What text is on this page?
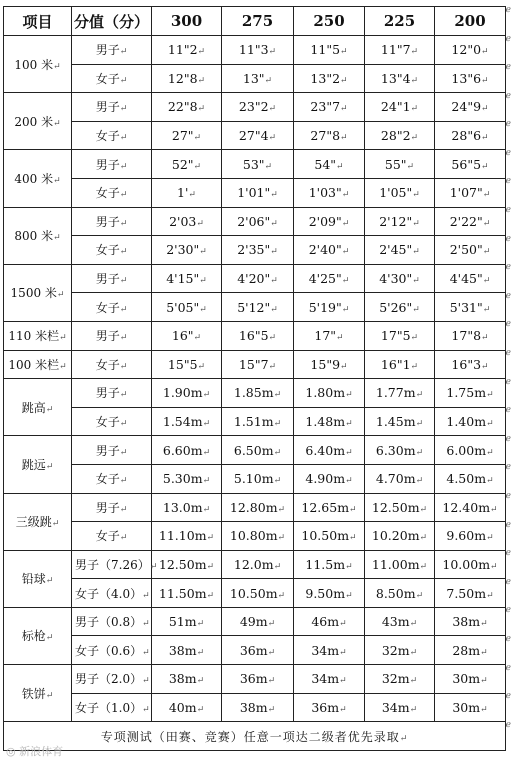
项目	分值（分）	300	275	250	225	200
100 米↵	男子↵	11"2↵	11"3↵	11"5↵	11"7↵	12"0↵
	女子↵	12"8↵	13"↵	13"2↵	13"4↵	13"6↵
200 米↵	男子↵	22"8↵	23"2↵	23"7↵	24"1↵	24"9↵
	女子↵	27"↵	27"4↵	27"8↵	28"2↵	28"6↵
400 米↵	男子↵	52"↵	53"↵	54"↵	55"↵	56"5↵
	女子↵	1'↵	1'01"↵	1'03"↵	1'05"↵	1'07"↵
800 米↵	男子↵	2'03↵	2'06"↵	2'09"↵	2'12"↵	2'22"↵
	女子↵	2'30"↵	2'35"↵	2'40"↵	2'45"↵	2'50"↵
1500 米↵	男子↵	4'15"↵	4'20"↵	4'25"↵	4'30"↵	4'45"↵
	女子↵	5'05"↵	5'12"↵	5'19"↵	5'26"↵	5'31"↵
110 米栏↵	男子↵	16"↵	16"5↵	17"↵	17"5↵	17"8↵
100 米栏↵	女子↵	15"5↵	15"7↵	15"9↵	16"1↵	16"3↵
跳高↵	男子↵	1.90m↵	1.85m↵	1.80m↵	1.77m↵	1.75m↵
	女子↵	1.54m↵	1.51m↵	1.48m↵	1.45m↵	1.40m↵
跳远↵	男子↵	6.60m↵	6.50m↵	6.40m↵	6.30m↵	6.00m↵
	女子↵	5.30m↵	5.10m↵	4.90m↵	4.70m↵	4.50m↵
三级跳↵	男子↵	13.0m↵	12.80m↵	12.65m↵	12.50m↵	12.40m↵
	女子↵	11.10m↵	10.80m↵	10.50m↵	10.20m↵	9.60m↵
铅球↵	男子（7.26）↵	12.50m↵	12.0m↵	11.5m↵	11.00m↵	10.00m↵
	女子（4.0）↵	11.50m↵	10.50m↵	9.50m↵	8.50m↵	7.50m↵
标枪↵	男子（0.8）↵	51m↵	49m↵	46m↵	43m↵	38m↵
	女子（0.6）↵	38m↵	36m↵	34m↵	32m↵	28m↵
铁饼↵	男子（2.0）↵	38m↵	36m↵	34m↵	32m↵	30m↵
	女子（1.0）↵	40m↵	38m↵	36m↵	34m↵	30m↵
专项测试（田赛、竞赛）任意一项达二级者优先录取↵						
ℯ
ℯ
ℯ
ℯ
ℯ
ℯ
ℯ
ℯ
ℯ
ℯ
ℯ
ℯ
ℯ
ℯ
ℯ
ℯ
ℯ
ℯ
ℯ
ℯ
ℯ
ℯ
ℯ
ℯ
ℯ
ℯ
◎ 新浪体育
